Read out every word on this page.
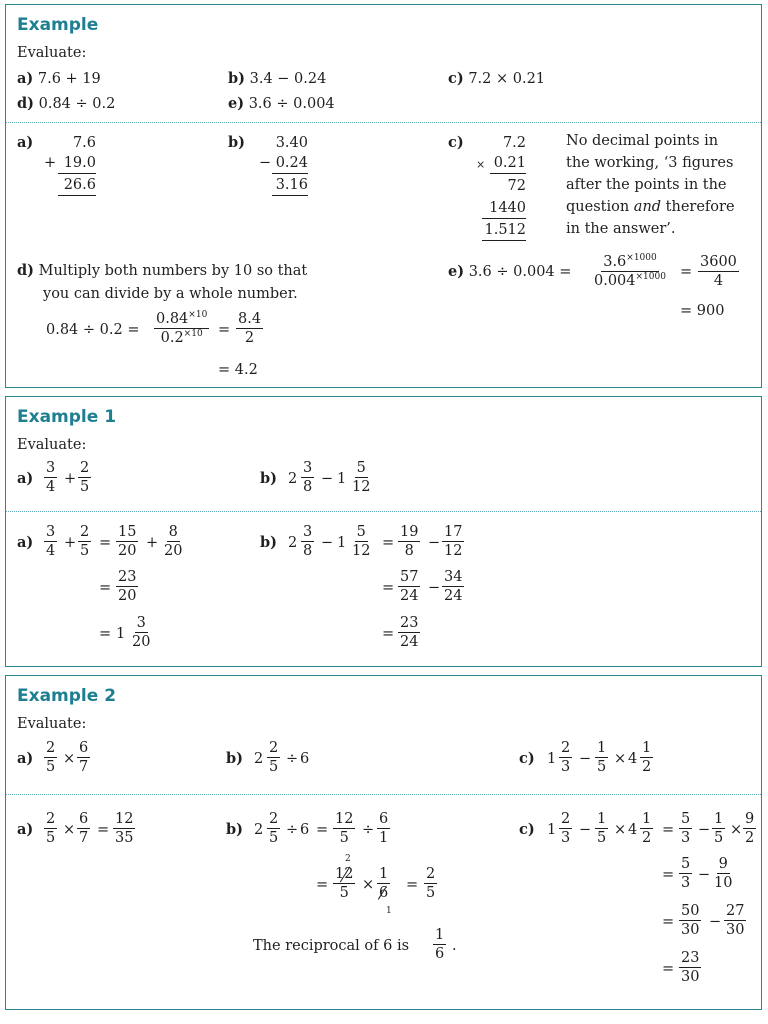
Example
Evaluate:
a) 7.6 + 19	b) 3.4 − 0.24	c) 7.2 × 0.21
d) 0.84 ÷ 0.2	e) 3.6 ÷ 0.004
a)	7.6
+ 19.0
26.6
b)	3.40
− 0.24
3.16
c)	7.2
× 0.21
72
1440
1.512
No decimal points in
the working, ‘3 figures
after the points in the
question and therefore
in the answer’.
d) Multiply both numbers by 10 so that
you can divide by a whole number.
$0.84 \div 0.2 = \frac{0.84^{\times 10}}{0.2^{\times 10}} = \frac{8.4}{2}$
= 4.2
e) $3.6 \div 0.004 = \frac{3.6^{\times 1000}}{0.004^{\times 1000}} = \frac{3600}{4}$
= 900
Example 1
Evaluate:
$a) \frac{3}{4} + \frac{2}{5}$	b) $2 \frac{3}{8} - 1 \frac{5}{12}$
$a) \frac{3}{4} + \frac{2}{5} = \frac{15}{20} + \frac{8}{20}$
= $\frac{23}{20}$
= $1 \frac{3}{20}$
b) $2 \frac{3}{8} - 1 \frac{5}{12} = \frac{19}{8} - \frac{17}{12}$
= $\frac{57}{24} - \frac{34}{24}$
= $\frac{23}{24}$
Example 2
Evaluate:
$a) \frac{2}{5} \times \frac{6}{7}$	b) $2 \frac{2}{5} \div 6$	c) $1 \frac{2}{3} - \frac{1}{5} \times 4 \frac{1}{2}$
$a) \frac{2}{5} \times \frac{6}{7} = \frac{12}{35}$	b) $2 \frac{2}{5} \div 6 = \frac{12}{5} \div \frac{6}{1}$
2
= $\frac{12}{5} \times \frac{1}{6}$
1
= $\frac{2}{5}$
The reciprocal of 6 is $\frac{1}{6}$ .
c) $1 \frac{2}{3} - \frac{1}{5} \times 4 \frac{1}{2} = \frac{5}{3} - \frac{1}{5} \times \frac{9}{2}$
= $\frac{5}{3} - \frac{9}{10}$
= $\frac{50}{30} - \frac{27}{30}$
= $\frac{23}{30}$
